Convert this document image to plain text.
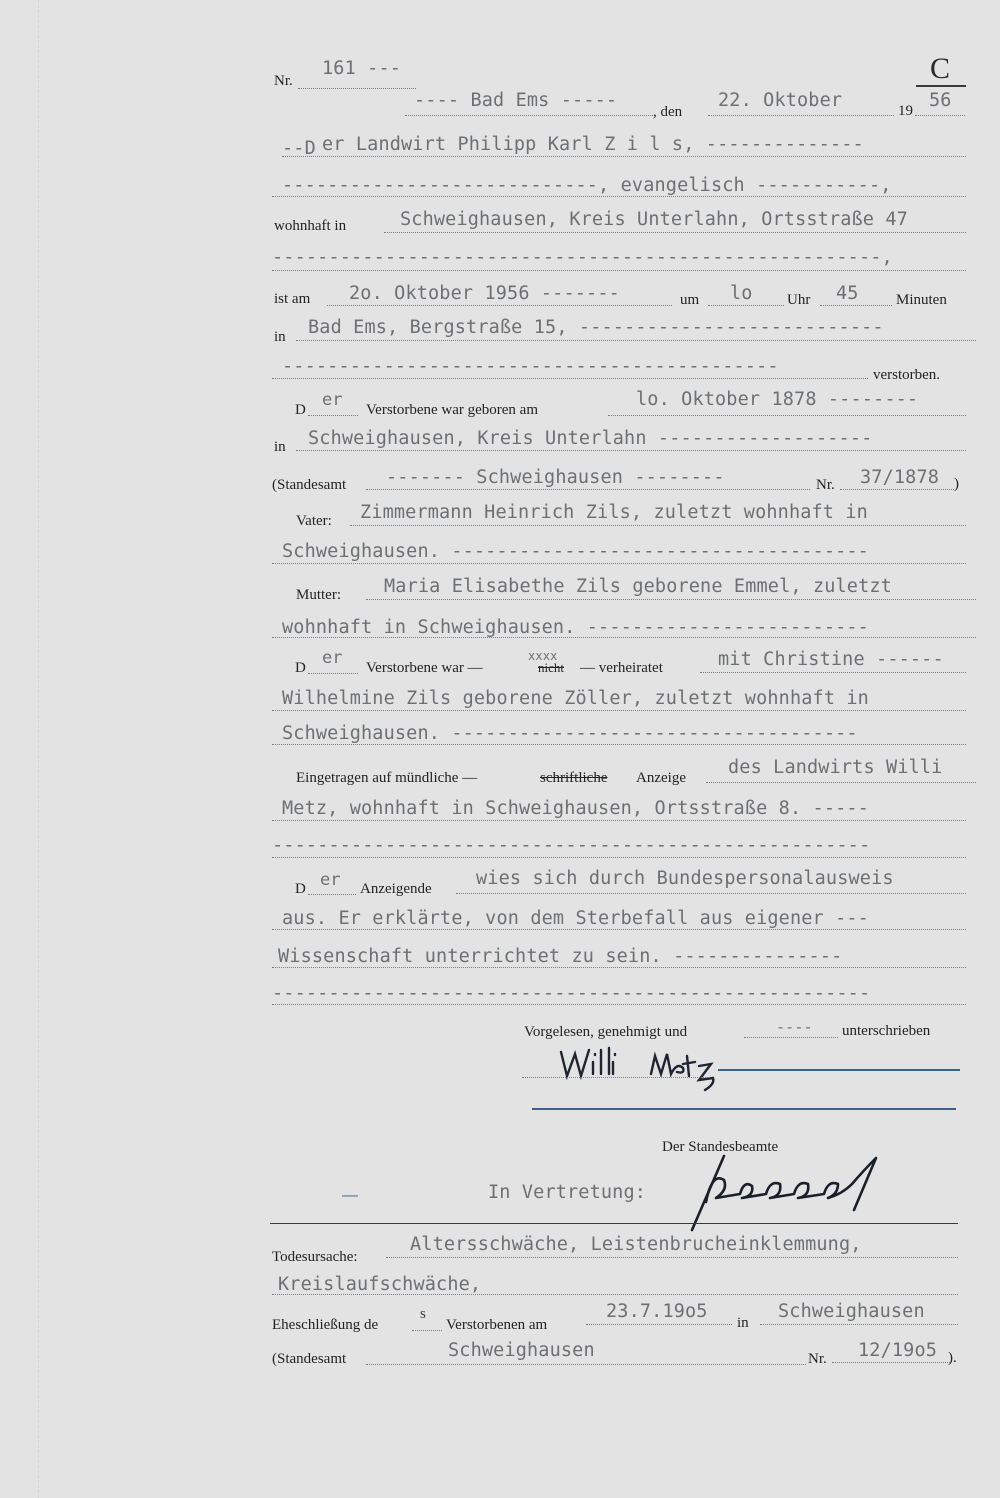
Nr.
161 ---	C
---- Bad Ems -----
, den
22. Oktober	19 56
--D er Landwirt Philipp Karl Z i l s, --------------
----------------------------, evangelisch -----------,
wohnhaft in	Schweighausen, Kreis Unterlahn, Ortsstraße 47
------------------------------------------------------,
ist am 2o. Oktober 1956 -------	um lo Uhr 45 Minuten
in Bad Ems, Bergstraße 15, ---------------------------
--------------------------------------------	verstorben.
D er Verstorbene war geboren am	lo. Oktober 1878 --------
in Schweighausen, Kreis Unterlahn -------------------
(Standesamt ------- Schweighausen --------	Nr. 37/1878 )
Vater: Zimmermann Heinrich Zils, zuletzt wohnhaft in
Schweighausen. -------------------------------------
Mutter: Maria Elisabethe Zils geborene Emmel, zuletzt
wohnhaft in Schweighausen. -------------------------
D er Verstorbene war —	nicht
xxxx
— verheiratet	mit Christine ------
Wilhelmine Zils geborene Zöller, zuletzt wohnhaft in
Schweighausen. ------------------------------------
Eingetragen auf mündliche —	schriftliche Anzeige des Landwirts Willi
Metz, wohnhaft in Schweighausen, Ortsstraße 8. -----
-----------------------------------------------------
D er Anzeigende wies sich durch Bundespersonalausweis
aus. Er erklärte, von dem Sterbefall aus eigener ---
Wissenschaft unterrichtet zu sein. ---------------
-----------------------------------------------------
Vorgelesen, genehmigt und	---- unterschrieben
Der Standesbeamte
—	In Vertretung:
Todesursache:
Altersschwäche, Leistenbrucheinklemmung,
Kreislaufschwäche,
Eheschließung de
s
Verstorbenen am
23.7.19o5
in
Schweighausen
(Standesamt	Schweighausen	Nr. 12/19o5 ).
